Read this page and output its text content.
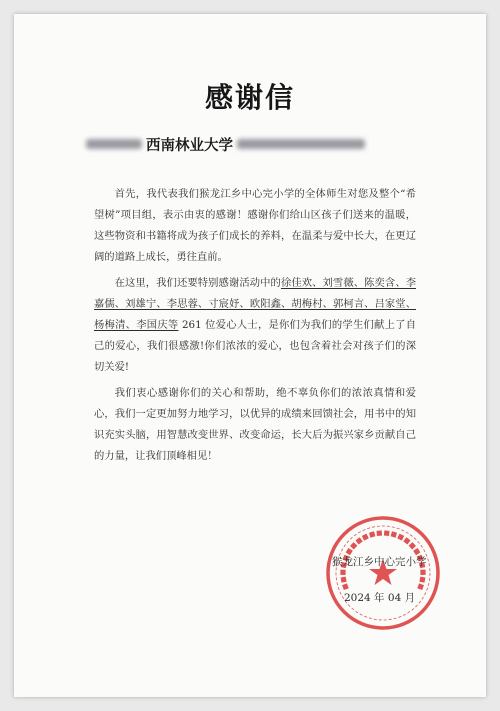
感谢信
西南林业大学

首先，我代表我们猴龙江乡中心完小学的全体师生对您及整个“希望树”项目组，表示由衷的感谢！感谢你们给山区孩子们送来的温暖，这些物资和书籍将成为孩子们成长的养料，在温柔与爱中长大，在更辽阔的道路上成长，勇往直前。

在这里，我们还要特别感谢活动中的徐佳欢、刘雪薇、陈奕含、李嘉儒、刘雄宁、李思蓉、寸宸妤、欧阳鑫、胡梅村、郭柯言、吕家堂、杨梅清、李国庆等 261 位爱心人士，是你们为我们的学生们献上了自己的爱心，我们很感激!你们浓浓的爱心，也包含着社会对孩子们的深切关爱!

我们衷心感谢你们的关心和帮助，绝不辜负你们的浓浓真情和爱心，我们一定更加努力地学习，以优异的成绩来回馈社会，用书中的知识充实头脑，用智慧改变世界、改变命运，长大后为振兴家乡贡献自己的力量，让我们顶峰相见！

猴龙江乡中心完小学
2024 年 04 月
